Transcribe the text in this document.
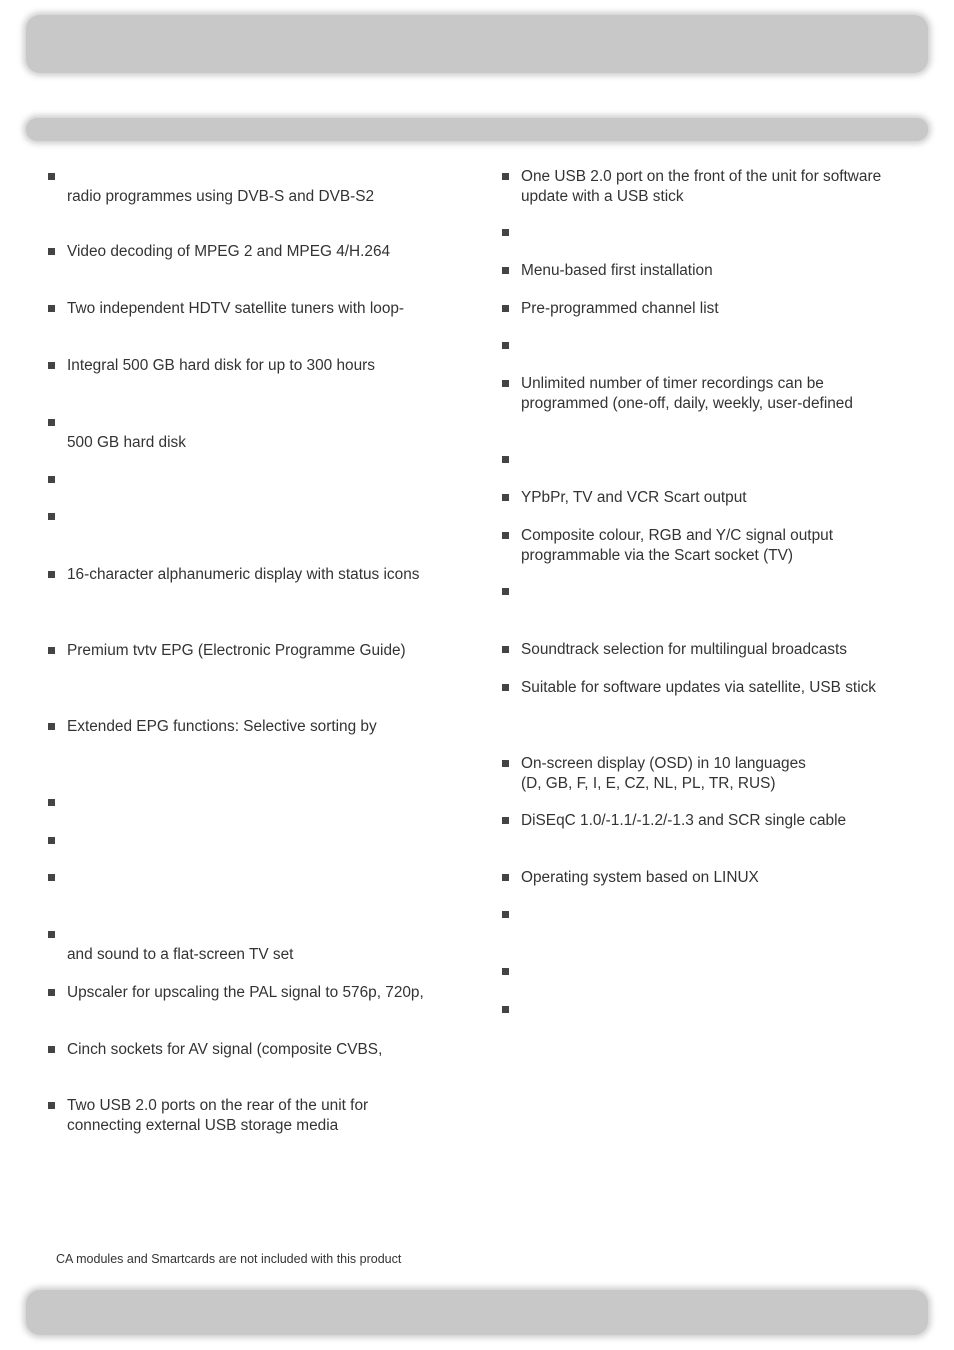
radio programmes using DVB-S and DVB-S2
Video decoding of MPEG 2 and MPEG 4/H.264
Two independent HDTV satellite tuners with loop-
Integral 500 GB hard disk for up to 300 hours

500 GB hard disk

16-character alphanumeric display with status icons
Premium tvtv EPG (Electronic Programme Guide)
Extended EPG functions: Selective sorting by

and sound to a flat-screen TV set
Upscaler for upscaling the PAL signal to 576p, 720p,
Cinch sockets for AV signal (composite CVBS,
Two USB 2.0 ports on the rear of the unit for
connecting external USB storage media
One USB 2.0 port on the front of the unit for software
update with a USB stick

Menu-based first installation
Pre-programmed channel list

Unlimited number of timer recordings can be
programmed (one-off, daily, weekly, user-defined

YPbPr, TV and VCR Scart output
Composite colour, RGB and Y/C signal output
programmable via the Scart socket (TV)

Soundtrack selection for multilingual broadcasts
Suitable for software updates via satellite, USB stick
On-screen display (OSD) in 10 languages
(D, GB, F, I, E, CZ, NL, PL, TR, RUS)
DiSEqC 1.0/-1.1/-1.2/-1.3 and SCR single cable
Operating system based on LINUX

CA modules and Smartcards are not included with this product
